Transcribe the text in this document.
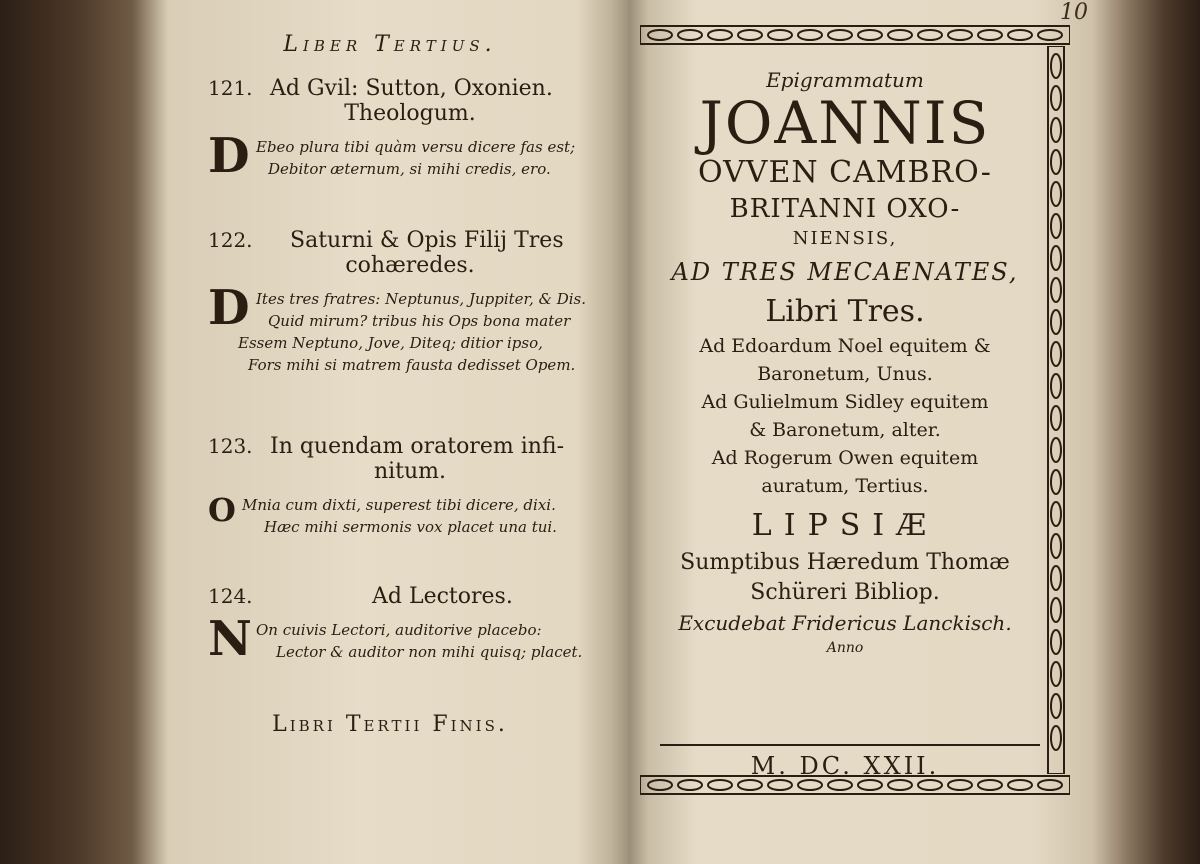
Liber Tertius.
121. Ad Gvil: Sutton, Oxonien.
Theologum.
D Ebeo plura tibi quàm versu dicere fas est;
Debitor æternum, si mihi credis, ero.
122.	Saturni & Opis Filij Tres
cohæredes.
D Ites tres fratres: Neptunus, Juppiter, & Dis.
Quid mirum? tribus his Ops bona mater
Essem Neptuno, Jove, Diteq; ditior ipso,
Fors mihi si matrem fausta dedisset Opem.
123. In quendam oratorem infi-
nitum.
O Mnia cum dixti, superest tibi dicere, dixi.
Hæc mihi sermonis vox placet una tui.
124.	Ad Lectores.
N On cuivis Lectori, auditorive placebo:
Lector & auditor non mihi quisq; placet.
Libri Tertii Finis.
10
Epigrammatum
JOANNIS
OVVEN CAMBRO-
BRITANNI OXO-
NIENSIS,
AD TRES MECAENATES,
Libri Tres.
Ad Edoardum Noel equitem &
Baronetum, Unus.
Ad Gulielmum Sidley equitem
& Baronetum, alter.
Ad Rogerum Owen equitem
auratum, Tertius.
LIPSIÆ
Sumptibus Hæredum Thomæ
Schüreri Bibliop.
Excudebat Fridericus Lanckisch.
Anno
M. DC. XXII.
